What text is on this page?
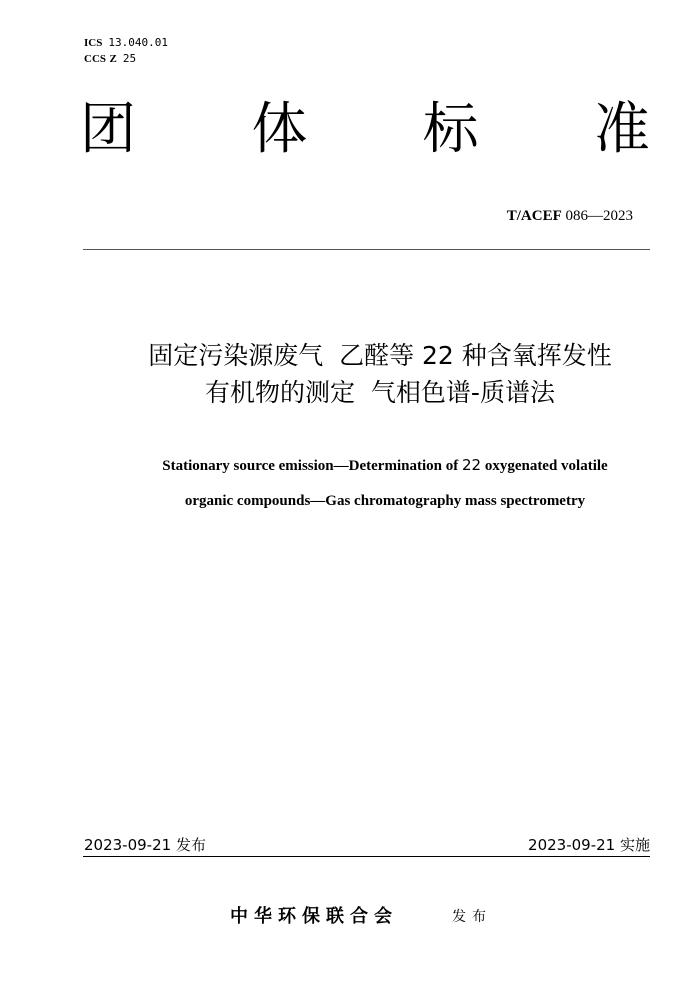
ICS 13.040.01
CCS Z 25
团 体 标 准
T/ACEF 086—2023
固定污染源废气  乙醛等 22 种含氧挥发性
有机物的测定  气相色谱-质谱法
Stationary source emission—Determination of 22 oxygenated volatile
organic compounds—Gas chromatography mass spectrometry
2023-09-21 发布	2023-09-21 实施
中华环保联合会	发布
